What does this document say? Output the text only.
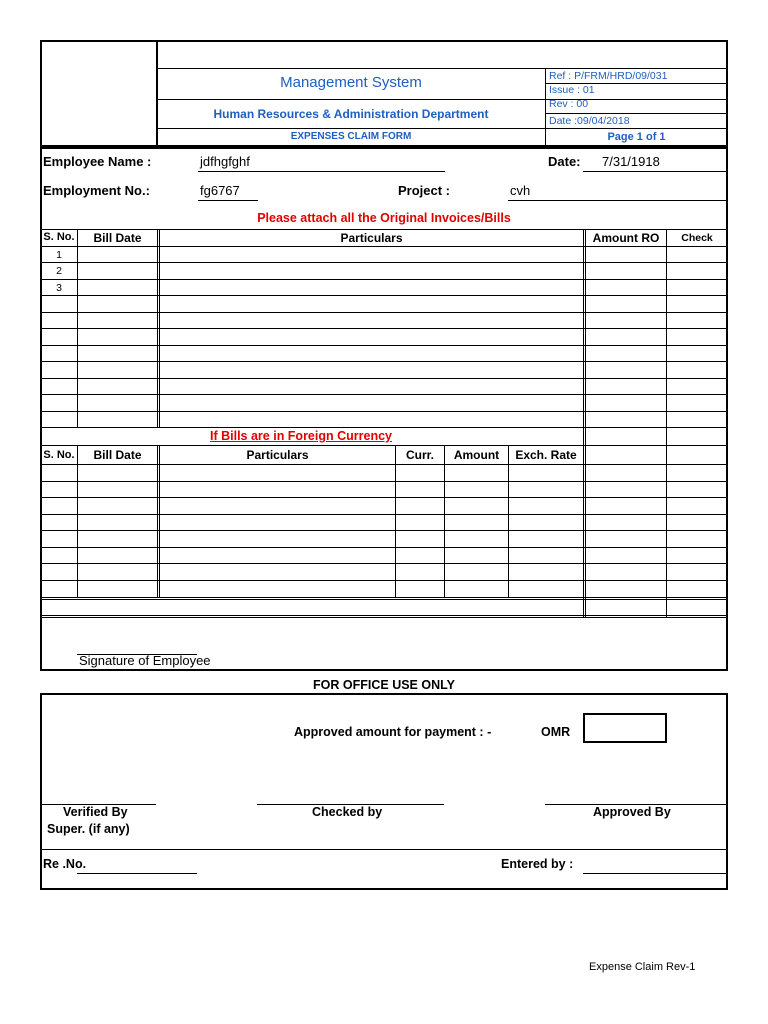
Management System
Human Resources & Administration Department
EXPENSES CLAIM FORM
Ref : P/FRM/HRD/09/031
Issue : 01
Rev : 00
Date :09/04/2018
Page 1 of 1
Employee Name :	jdfhgfghf	Date: 7/31/1918
Employment No.:	fg6767	Project :	cvh
Please attach all the Original Invoices/Bills
S. No.	Bill Date	Particulars	Amount RO	Check
1
2
3
If Bills are in Foreign Currency
S. No.	Bill Date	Particulars	Curr.	Amount	Exch. Rate
Signature of Employee
FOR OFFICE USE ONLY
Approved amount for payment : -	OMR
Verified By
Super. (if any)
Checked by	Approved By
Re .No.	Entered by :
Expense Claim Rev-1
